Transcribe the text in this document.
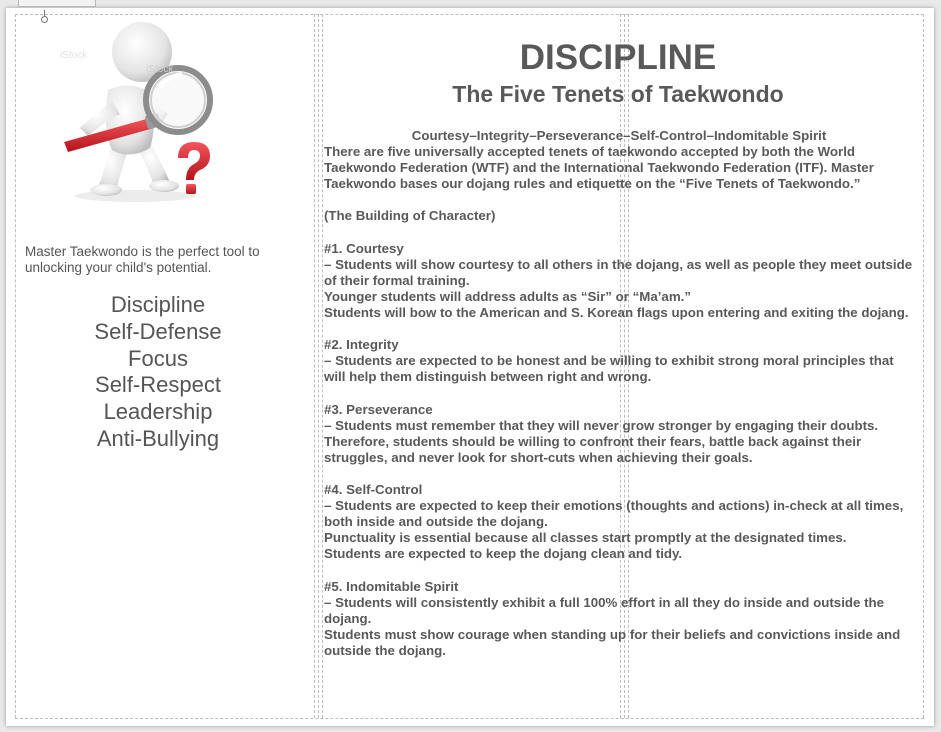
iStock
iStock
Master Taekwondo is the perfect tool to unlocking your child's potential.
Discipline
Self-Defense
Focus
Self-Respect
Leadership
Anti-Bullying
DISCIPLINE
The Five Tenets of Taekwondo

Courtesy–Integrity–Perseverance–Self-Control–Indomitable Spirit

There are five universally accepted tenets of taekwondo accepted by both the World Taekwondo Federation (WTF) and the International Taekwondo Federation (ITF). Master Taekwondo bases our dojang rules and etiquette on the “Five Tenets of Taekwondo.”

(The Building of Character)

#1. Courtesy

– Students will show courtesy to all others in the dojang, as well as people they meet outside of their formal training.

Younger students will address adults as “Sir” or “Ma’am.”

Students will bow to the American and S. Korean flags upon entering and exiting the dojang.

#2. Integrity

– Students are expected to be honest and be willing to exhibit strong moral principles that will help them distinguish between right and wrong.

#3. Perseverance

– Students must remember that they will never grow stronger by engaging their doubts. Therefore, students should be willing to confront their fears, battle back against their struggles, and never look for short-cuts when achieving their goals.

#4. Self-Control

– Students are expected to keep their emotions (thoughts and actions) in-check at all times, both inside and outside the dojang.

Punctuality is essential because all classes start promptly at the designated times.

Students are expected to keep the dojang clean and tidy.

#5. Indomitable Spirit

– Students will consistently exhibit a full 100% effort in all they do inside and outside the dojang.

Students must show courage when standing up for their beliefs and convictions inside and outside the dojang.
